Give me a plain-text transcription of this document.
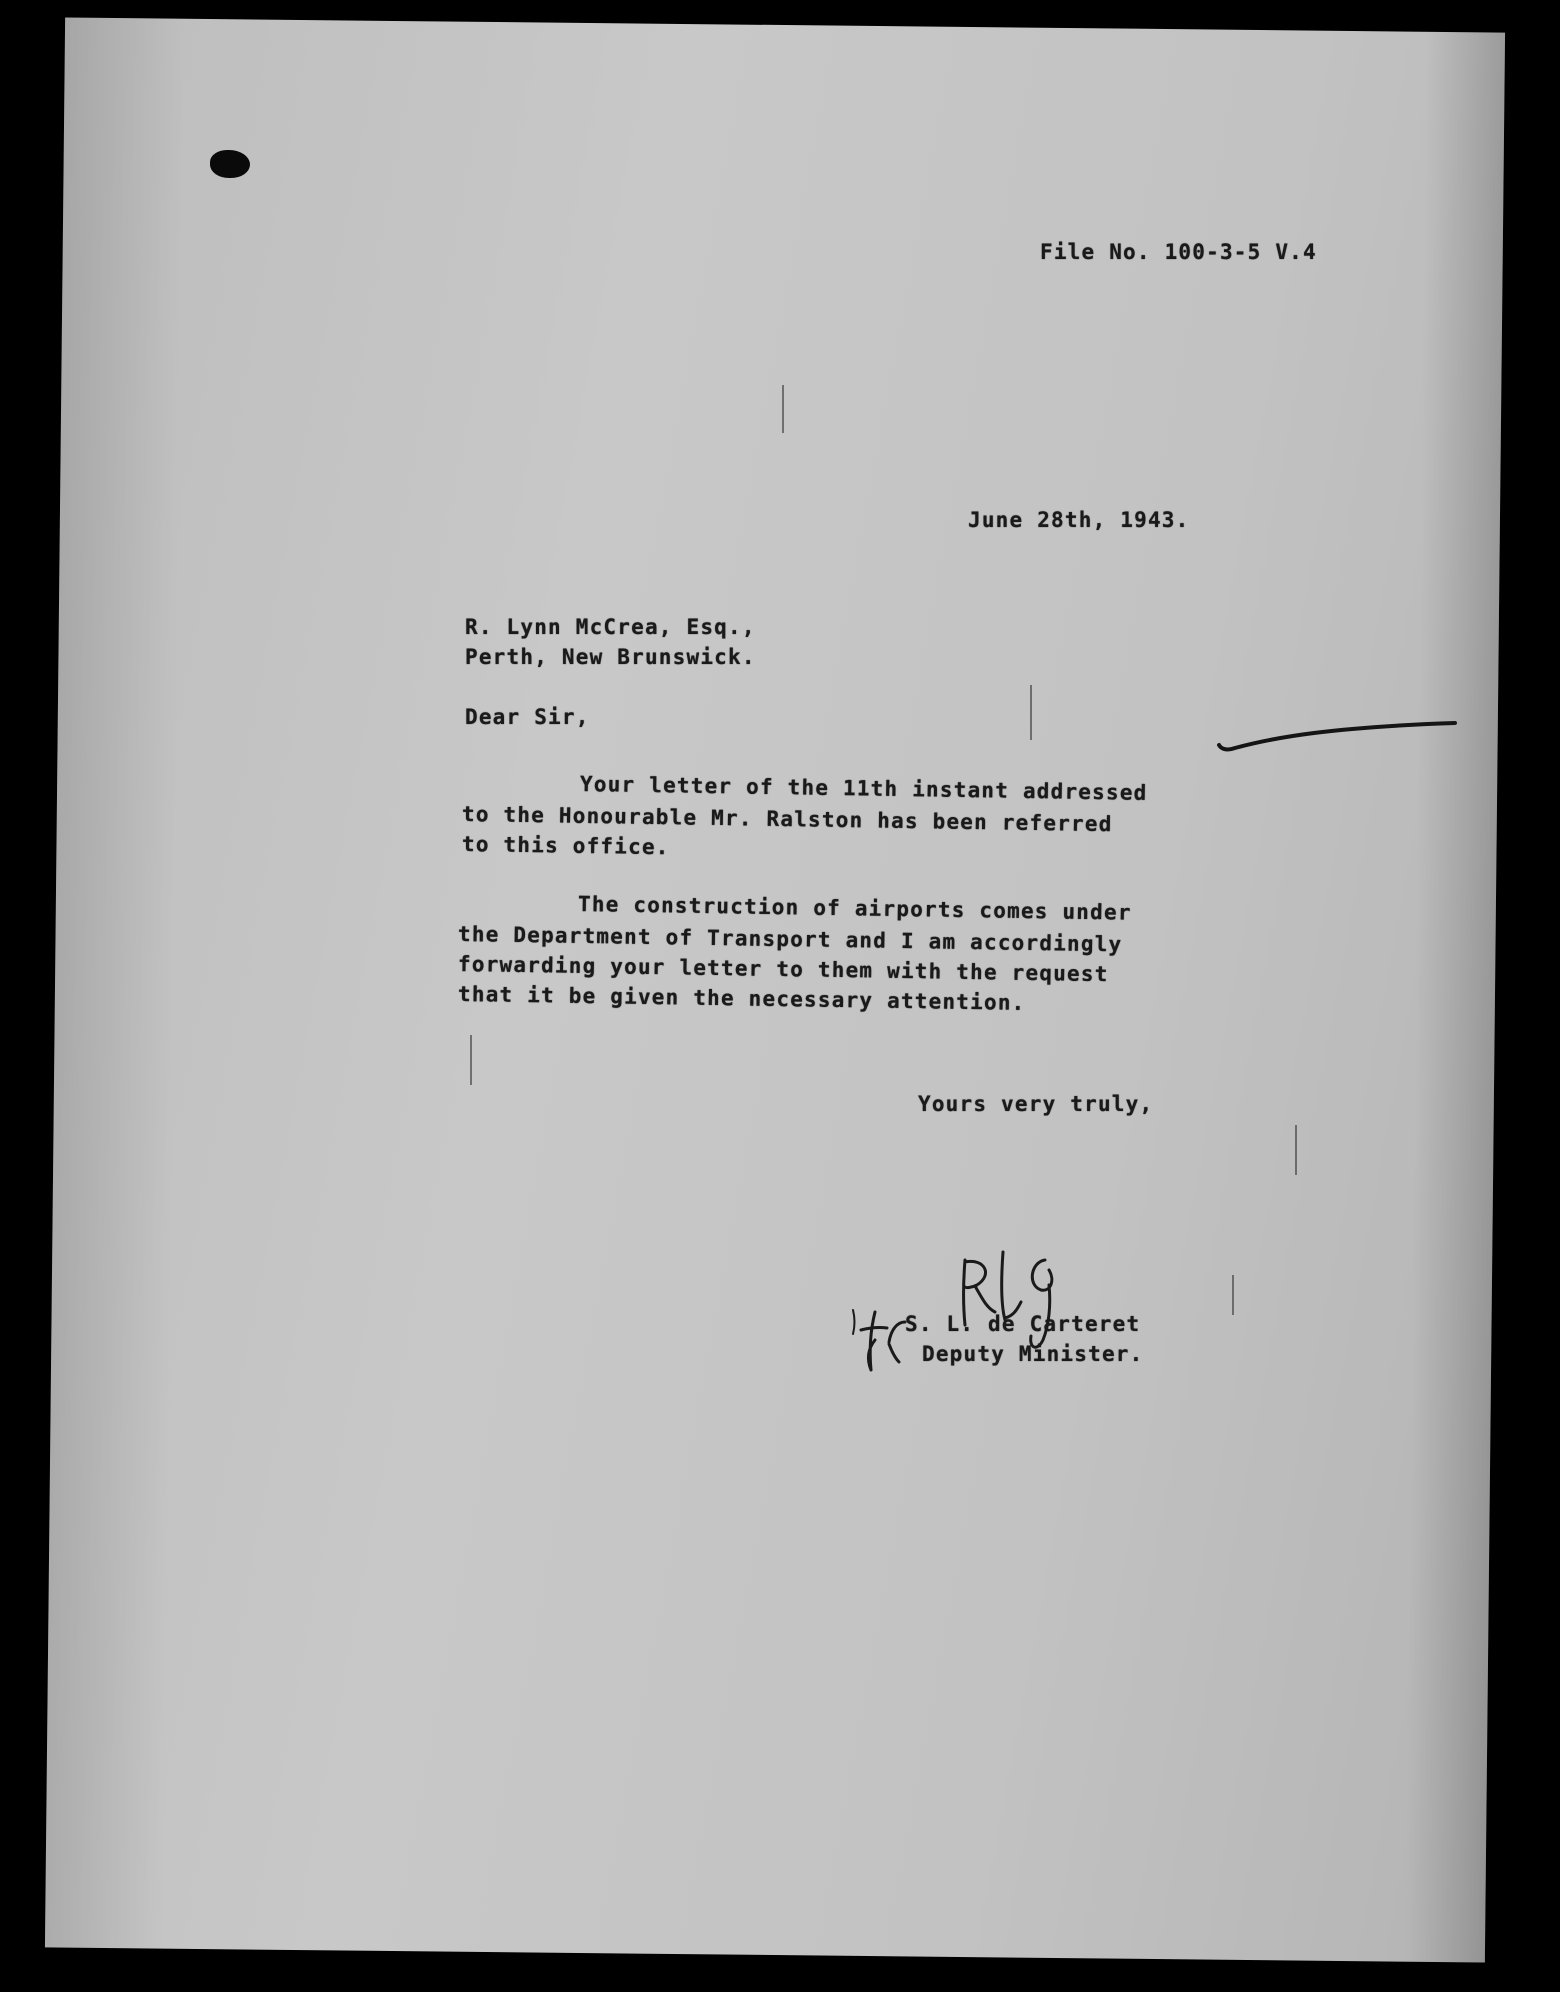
File No. 100-3-5 V.4
June 28th, 1943.
R. Lynn McCrea, Esq.,
Perth, New Brunswick.
Dear Sir,
Your letter of the 11th instant addressed
to the Honourable Mr. Ralston has been referred
to this office.
The construction of airports comes under
the Department of Transport and I am accordingly
forwarding your letter to them with the request
that it be given the necessary attention.
Yours very truly,
S. L. de Carteret
Deputy Minister.
